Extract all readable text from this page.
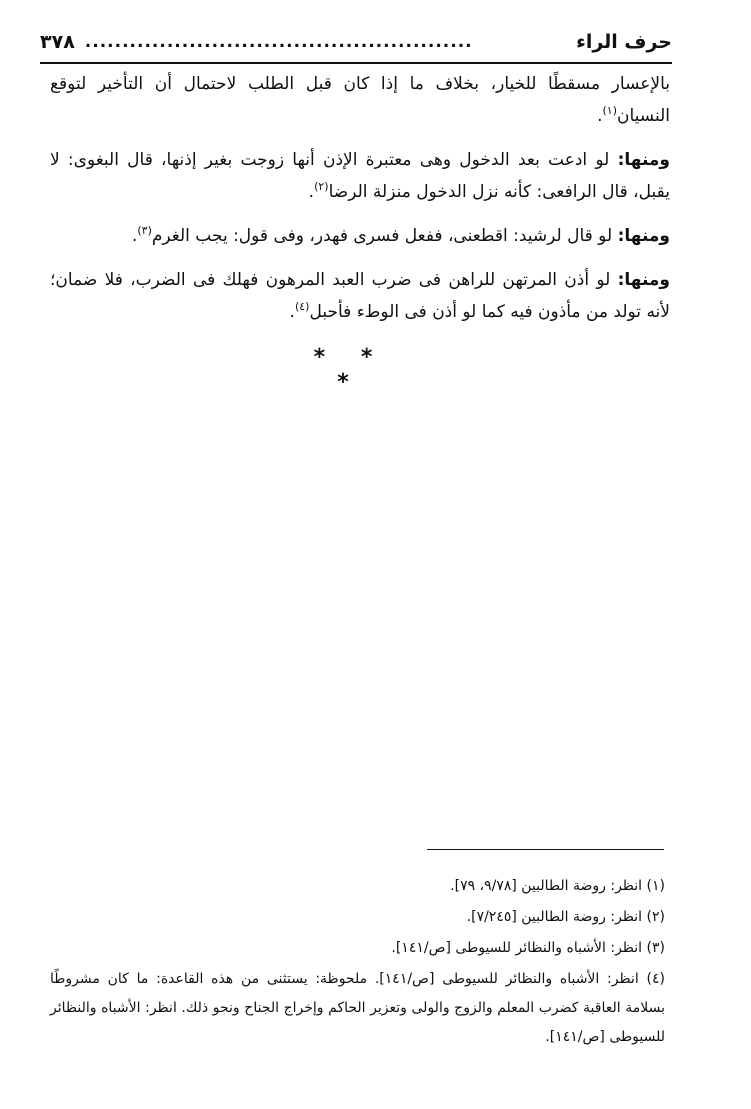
حرف الراء
....................................................
٣٧٨

بالإعسار مسقطًا للخيار، بخلاف ما إذا كان قبل الطلب لاحتمال أن التأخير لتوقع النسيان$^{(١)}$.

ومنها: لو ادعت بعد الدخول وهى معتبرة الإذن أنها زوجت بغير إذنها، قال البغوى: لا يقبل، قال الرافعى: كأنه نزل الدخول منزلة الرضا$^{(٢)}$.

ومنها: لو قال لرشيد: اقطعنى، ففعل فسرى فهدر، وفى قول: يجب الغرم$^{(٣)}$.

ومنها: لو أذن المرتهن للراهن فى ضرب العبد المرهون فهلك فى الضرب، فلا ضمان؛ لأنه تولد من مأذون فيه كما لو أذن فى الوطء فأحبل$^{(٤)}$.

* * *

(١) انظر: روضة الطالبين [٩/٧٨، ٧٩].

(٢) انظر: روضة الطالبين [٧/٢٤٥].

(٣) انظر: الأشباه والنظائر للسيوطى [ص/١٤١].

(٤) انظر: الأشباه والنظائر للسيوطى [ص/١٤١]. ملحوظة: يستثنى من هذه القاعدة: ما كان مشروطًا بسلامة العاقبة كضرب المعلم والزوج والولى وتعزير الحاكم وإخراج الجناح ونحو ذلك. انظر: الأشباه والنظائر للسيوطى [ص/١٤١].
